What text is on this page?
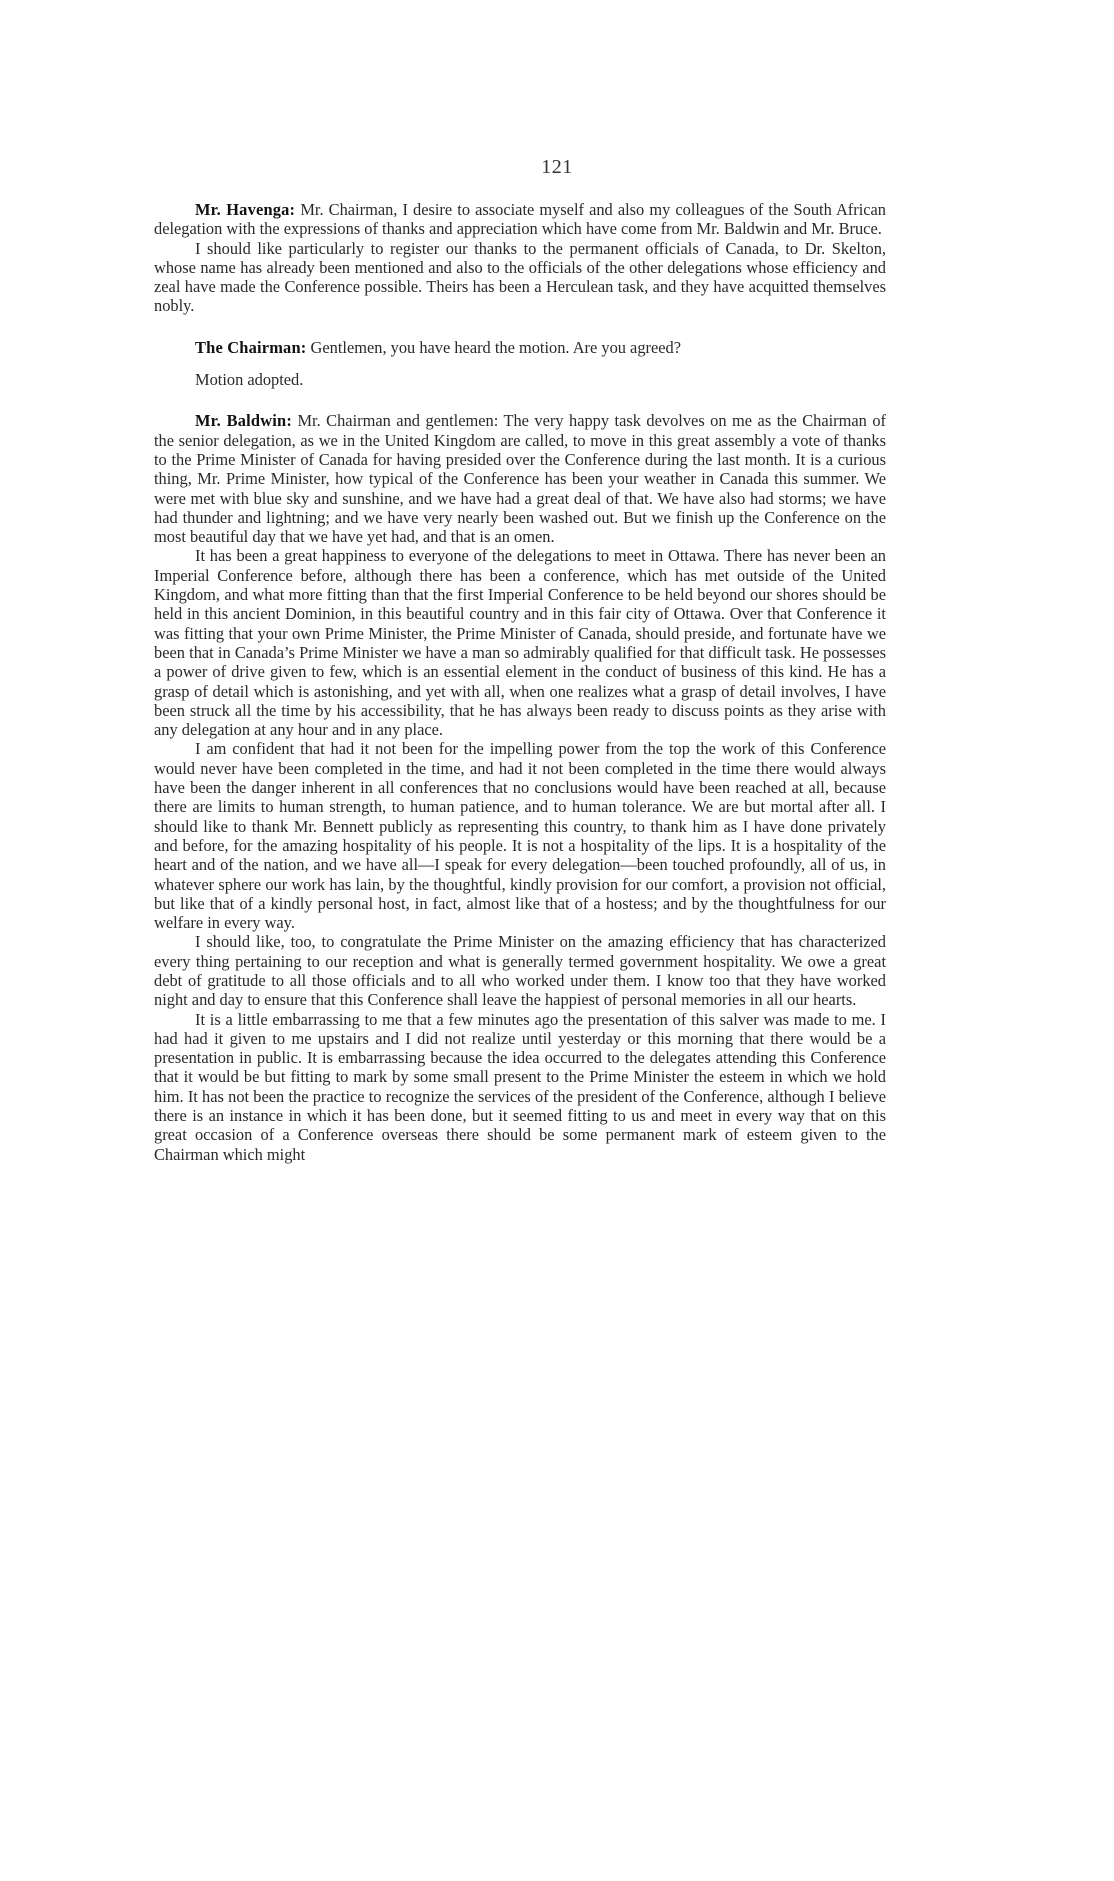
121

Mr. Havenga: Mr. Chairman, I desire to associate myself and also my colleagues of the South African delegation with the expressions of thanks and appreciation which have come from Mr. Baldwin and Mr. Bruce.

I should like particularly to register our thanks to the permanent officials of Canada, to Dr. Skelton, whose name has already been mentioned and also to the officials of the other delegations whose efficiency and zeal have made the Conference possible. Theirs has been a Herculean task, and they have acquitted themselves nobly.

The Chairman: Gentlemen, you have heard the motion. Are you agreed?

Motion adopted.

Mr. Baldwin: Mr. Chairman and gentlemen: The very happy task devolves on me as the Chairman of the senior delegation, as we in the United Kingdom are called, to move in this great assembly a vote of thanks to the Prime Minister of Canada for having presided over the Conference during the last month. It is a curious thing, Mr. Prime Minister, how typical of the Conference has been your weather in Canada this summer. We were met with blue sky and sunshine, and we have had a great deal of that. We have also had storms; we have had thunder and lightning; and we have very nearly been washed out. But we finish up the Conference on the most beautiful day that we have yet had, and that is an omen.

It has been a great happiness to everyone of the delegations to meet in Ottawa. There has never been an Imperial Conference before, although there has been a conference, which has met outside of the United Kingdom, and what more fitting than that the first Imperial Conference to be held beyond our shores should be held in this ancient Dominion, in this beautiful country and in this fair city of Ottawa. Over that Conference it was fitting that your own Prime Minister, the Prime Minister of Canada, should preside, and fortunate have we been that in Canada’s Prime Minister we have a man so admirably qualified for that difficult task. He possesses a power of drive given to few, which is an essential element in the conduct of business of this kind. He has a grasp of detail which is astonishing, and yet with all, when one realizes what a grasp of detail involves, I have been struck all the time by his accessibility, that he has always been ready to discuss points as they arise with any delegation at any hour and in any place.

I am confident that had it not been for the impelling power from the top the work of this Conference would never have been completed in the time, and had it not been completed in the time there would always have been the danger inherent in all conferences that no conclusions would have been reached at all, because there are limits to human strength, to human patience, and to human tolerance. We are but mortal after all. I should like to thank Mr. Bennett publicly as representing this country, to thank him as I have done privately and before, for the amazing hospitality of his people. It is not a hospitality of the lips. It is a hospitality of the heart and of the nation, and we have all—I speak for every delegation—been touched profoundly, all of us, in whatever sphere our work has lain, by the thoughtful, kindly provision for our comfort, a provision not official, but like that of a kindly personal host, in fact, almost like that of a hostess; and by the thoughtfulness for our welfare in every way.

I should like, too, to congratulate the Prime Minister on the amazing efficiency that has characterized every thing pertaining to our reception and what is generally termed government hospitality. We owe a great debt of gratitude to all those officials and to all who worked under them. I know too that they have worked night and day to ensure that this Conference shall leave the happiest of personal memories in all our hearts.

It is a little embarrassing to me that a few minutes ago the presentation of this salver was made to me. I had had it given to me upstairs and I did not realize until yesterday or this morning that there would be a presentation in public. It is embarrassing because the idea occurred to the delegates attending this Conference that it would be but fitting to mark by some small present to the Prime Minister the esteem in which we hold him. It has not been the practice to recognize the services of the president of the Conference, although I believe there is an instance in which it has been done, but it seemed fitting to us and meet in every way that on this great occasion of a Conference overseas there should be some permanent mark of esteem given to the Chairman which might
